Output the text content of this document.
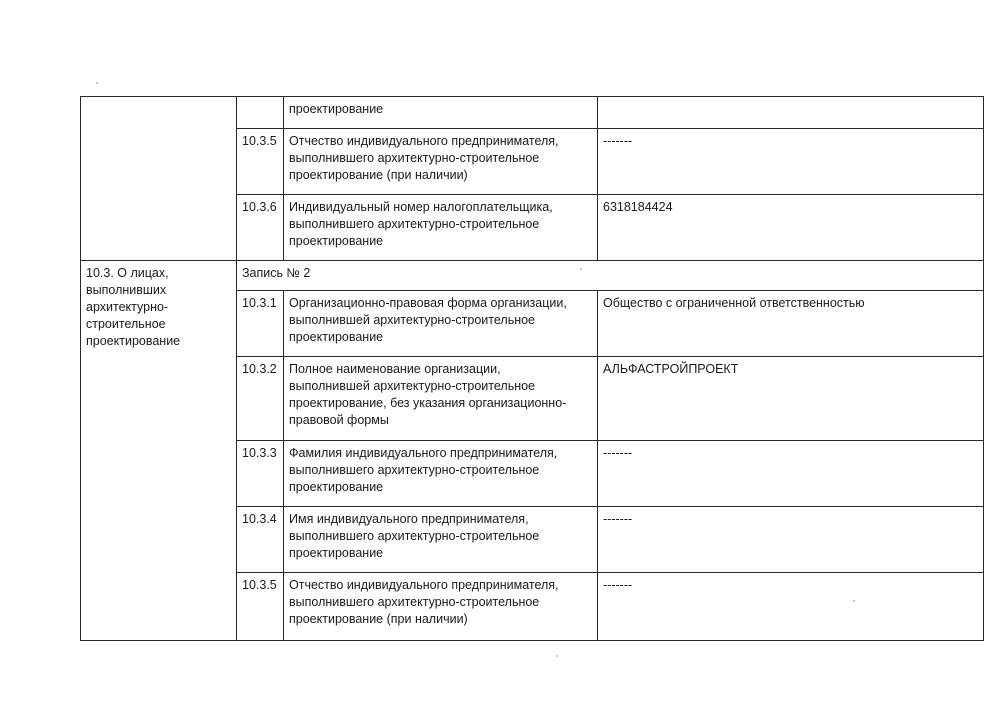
		проектирование	

	10.3.5	Отчество индивидуального предпринимателя,
выполнившего архитектурно-строительное
проектирование (при наличии)	-------
	10.3.6	Индивидуальный номер налогоплательщика,
выполнившего архитектурно-строительное
проектирование	6318184424

10.3. О лицах,
выполнивших
архитектурно-
строительное
проектирование	Запись № 2		
	10.3.1	Организационно-правовая форма организации,
выполнившей архитектурно-строительное
проектирование	Общество с ограниченной ответственностью
	10.3.2	Полное наименование организации,
выполнившей архитектурно-строительное
проектирование, без указания организационно-
правовой формы	АЛЬФАСТРОЙПРОЕКТ
	10.3.3	Фамилия индивидуального предпринимателя,
выполнившего архитектурно-строительное
проектирование	-------
	10.3.4	Имя индивидуального предпринимателя,
выполнившего архитектурно-строительное
проектирование	-------
	10.3.5	Отчество индивидуального предпринимателя,
выполнившего архитектурно-строительное
проектирование (при наличии)	-------
